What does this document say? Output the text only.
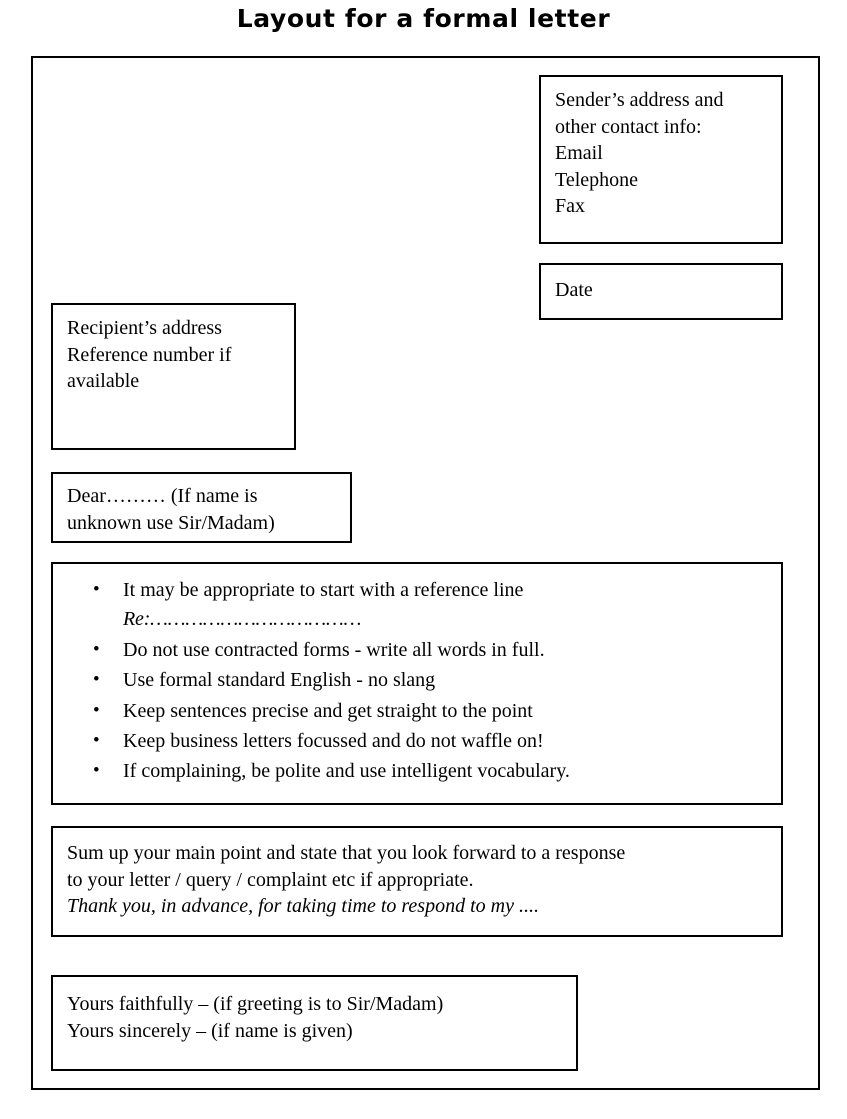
Layout for a formal letter
Sender’s address and
other contact info:
Email
Telephone
Fax
Date
Recipient’s address
Reference number if
available
Dear……… (If name is
unknown use Sir/Madam)
• It may be appropriate to start with a reference line
Re:………………………………
• Do not use contracted forms - write all words in full.
• Use formal standard English - no slang
• Keep sentences precise and get straight to the point
• Keep business letters focussed and do not waffle on!
• If complaining, be polite and use intelligent vocabulary.
Sum up your main point and state that you look forward to a response
to your letter / query / complaint etc if appropriate.
Thank you, in advance, for taking time to respond to my ....
Yours faithfully – (if greeting is to Sir/Madam)
Yours sincerely – (if name is given)
